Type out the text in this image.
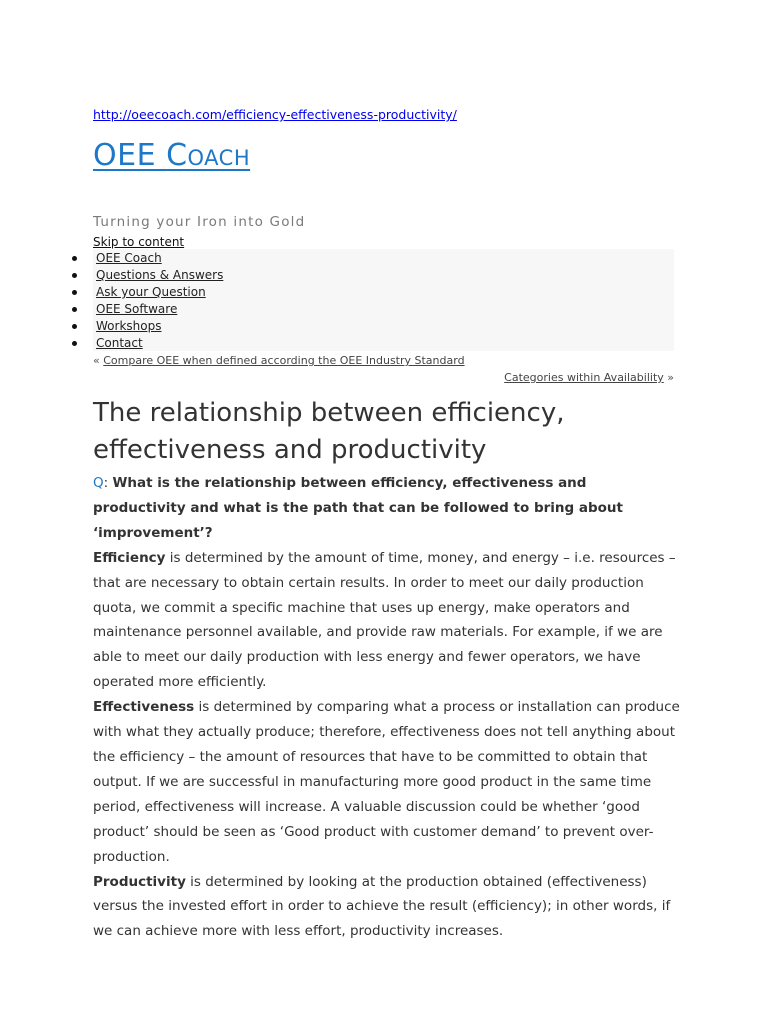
http://oeecoach.com/efficiency-effectiveness-productivity/
OEE Coach
Turning your Iron into Gold
Skip to content
OEE Coach
Questions & Answers
Ask your Question
OEE Software
Workshops
Contact
« Compare OEE when defined according the OEE Industry Standard
Categories within Availability »
The relationship between efficiency, effectiveness and productivity

Q: What is the relationship between efficiency, effectiveness and productivity and what is the path that can be followed to bring about ‘improvement’?

Efficiency is determined by the amount of time, money, and energy – i.e. resources – that are necessary to obtain certain results. In order to meet our daily production quota, we commit a specific machine that uses up energy, make operators and maintenance personnel available, and provide raw materials. For example, if we are able to meet our daily production with less energy and fewer operators, we have operated more efficiently.

Effectiveness is determined by comparing what a process or installation can produce with what they actually produce; therefore, effectiveness does not tell anything about the efficiency – the amount of resources that have to be committed to obtain that output. If we are successful in manufacturing more good product in the same time period, effectiveness will increase. A valuable discussion could be whether ‘good product’ should be seen as ‘Good product with customer demand’ to prevent over-production.

Productivity is determined by looking at the production obtained (effectiveness) versus the invested effort in order to achieve the result (efficiency); in other words, if we can achieve more with less effort, productivity increases.
